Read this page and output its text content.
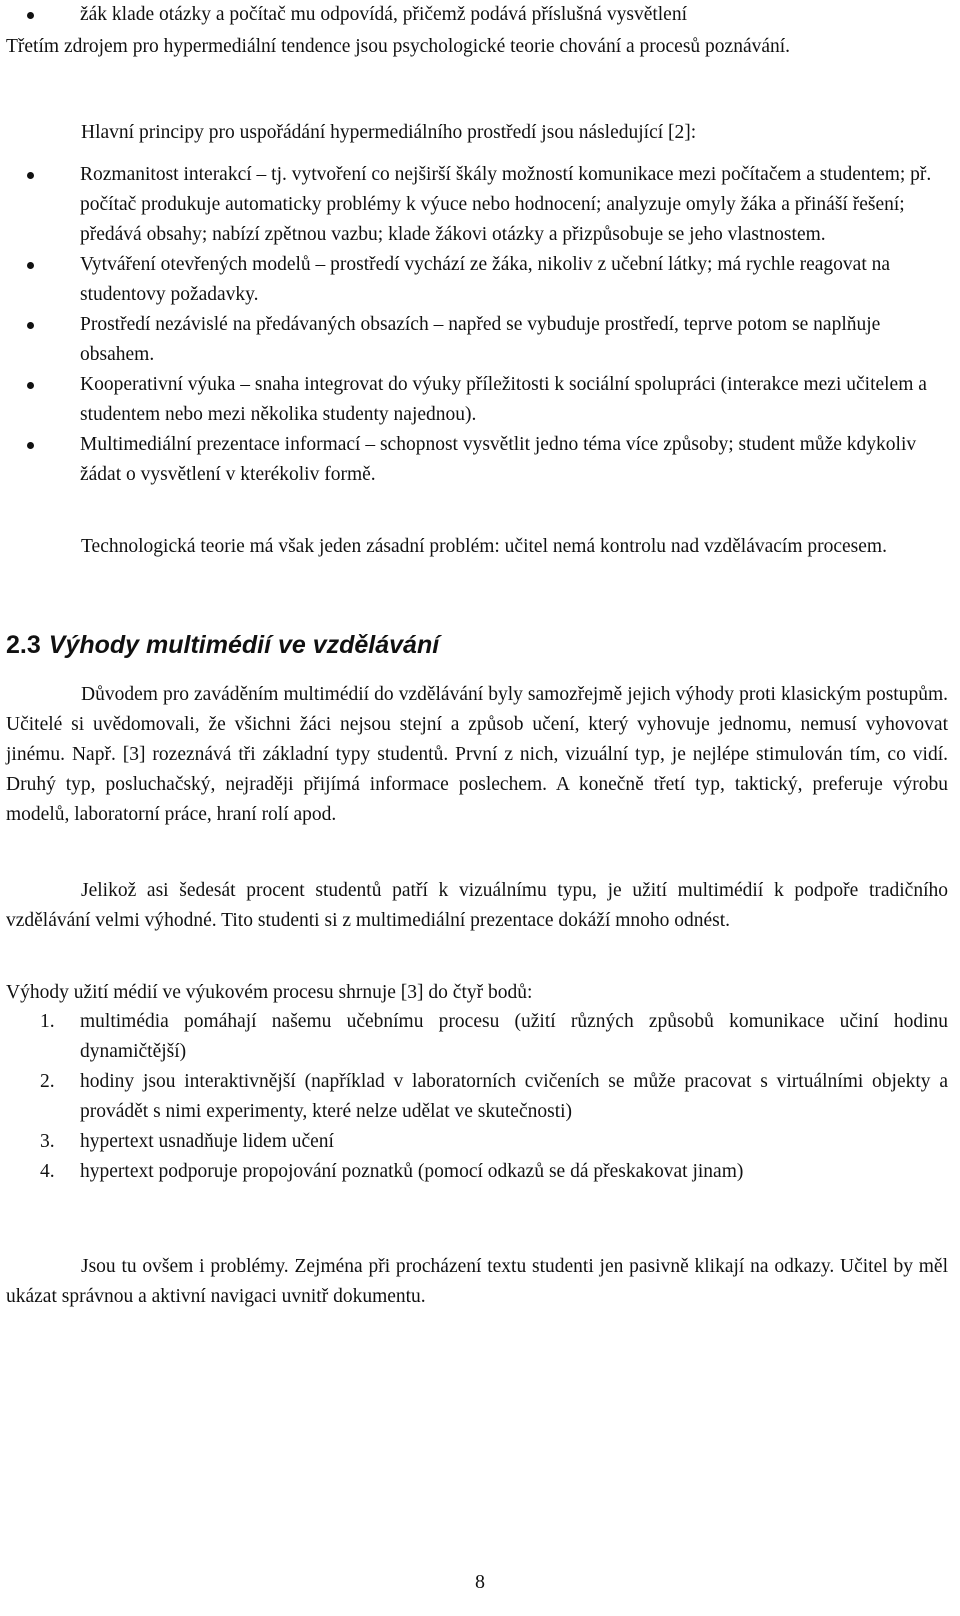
žák klade otázky a počítač mu odpovídá, přičemž podává příslušná vysvětlení

Třetím zdrojem pro hypermediální tendence jsou psychologické teorie chování a procesů poznávání.

Hlavní principy pro uspořádání hypermediálního prostředí jsou následující [2]:

Rozmanitost interakcí – tj. vytvoření co nejširší škály možností komunikace mezi počítačem a studentem; př. počítač produkuje automaticky problémy k výuce nebo hodnocení; analyzuje omyly žáka a přináší řešení; předává obsahy; nabízí zpětnou vazbu; klade žákovi otázky a přizpůsobuje se jeho vlastnostem.
Vytváření otevřených modelů – prostředí vychází ze žáka, nikoliv z učební látky; má rychle reagovat na studentovy požadavky.
Prostředí nezávislé na předávaných obsazích – napřed se vybuduje prostředí, teprve potom se naplňuje obsahem.
Kooperativní výuka – snaha integrovat do výuky příležitosti k sociální spolupráci (interakce mezi učitelem a studentem nebo mezi několika studenty najednou).
Multimediální prezentace informací – schopnost vysvětlit jedno téma více způsoby; student může kdykoliv žádat o vysvětlení v kterékoliv formě.

Technologická teorie má však jeden zásadní problém: učitel nemá kontrolu nad vzdělávacím procesem.

2.3 Výhody multimédií ve vzdělávání

Důvodem pro zaváděním multimédií do vzdělávání byly samozřejmě jejich výhody proti klasickým postupům. Učitelé si uvědomovali, že všichni žáci nejsou stejní a způsob učení, který vyhovuje jednomu, nemusí vyhovovat jinému. Např. [3] rozeznává tři základní typy studentů. První z nich, vizuální typ, je nejlépe stimulován tím, co vidí. Druhý typ, posluchačský, nejraději přijímá informace poslechem. A konečně třetí typ, taktický, preferuje výrobu modelů, laboratorní práce, hraní rolí apod.

Jelikož asi šedesát procent studentů patří k vizuálnímu typu, je užití multimédií k podpoře tradičního vzdělávání velmi výhodné. Tito studenti si z multimediální prezentace dokáží mnoho odnést.

Výhody užití médií ve výukovém procesu shrnuje [3] do čtyř bodů:

1. multimédia pomáhají našemu učebnímu procesu (užití různých způsobů komunikace učiní hodinu dynamičtější)
2. hodiny jsou interaktivnější (například v laboratorních cvičeních se může pracovat s virtuálními objekty a provádět s nimi experimenty, které nelze udělat ve skutečnosti)
3. hypertext usnadňuje lidem učení
4. hypertext podporuje propojování poznatků (pomocí odkazů se dá přeskakovat jinam)

Jsou tu ovšem i problémy. Zejména při procházení textu studenti jen pasivně klikají na odkazy. Učitel by měl ukázat správnou a aktivní navigaci uvnitř dokumentu.

8
